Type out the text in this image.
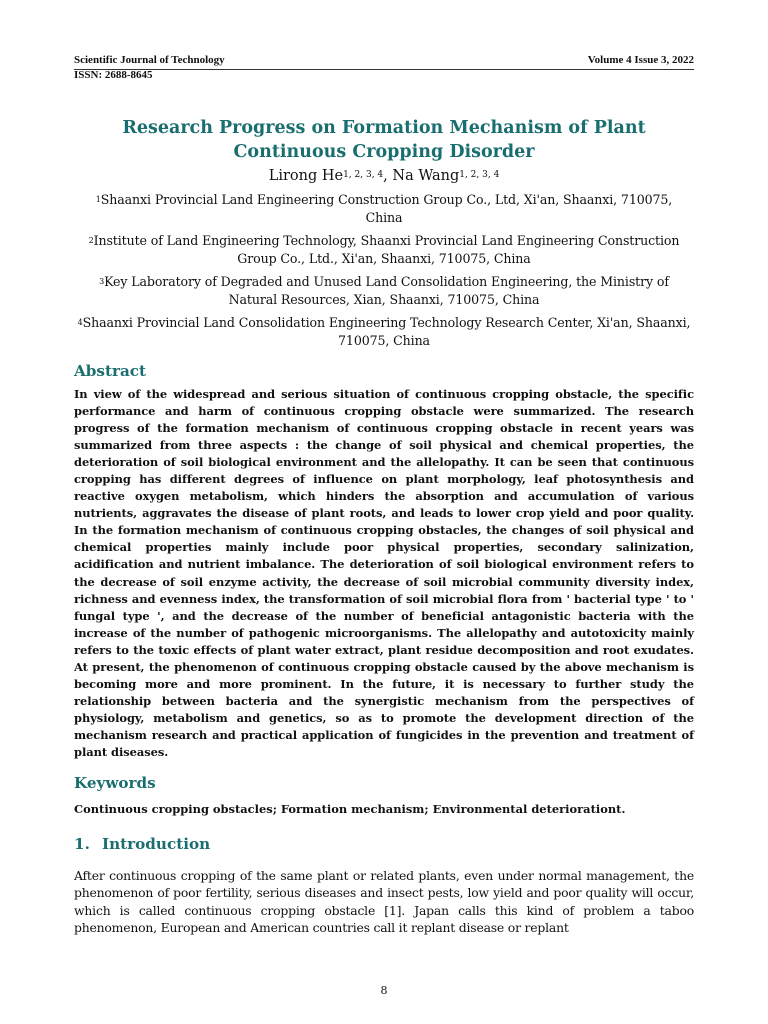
Scientific Journal of Technology	Volume 4 Issue 3, 2022
ISSN: 2688-8645
Research Progress on Formation Mechanism of Plant Continuous Cropping Disorder
Lirong He$^{1, 2, 3, 4}$, Na Wang$^{1, 2, 3, 4}$
$^1$Shaanxi Provincial Land Engineering Construction Group Co., Ltd, Xi'an, Shaanxi, 710075, China
$^2$Institute of Land Engineering Technology, Shaanxi Provincial Land Engineering Construction Group Co., Ltd., Xi'an, Shaanxi, 710075, China
$^3$Key Laboratory of Degraded and Unused Land Consolidation Engineering, the Ministry of Natural Resources, Xian, Shaanxi, 710075, China
$^4$Shaanxi Provincial Land Consolidation Engineering Technology Research Center, Xi'an, Shaanxi, 710075, China
Abstract

In view of the widespread and serious situation of continuous cropping obstacle, the specific performance and harm of continuous cropping obstacle were summarized. The research progress of the formation mechanism of continuous cropping obstacle in recent years was summarized from three aspects : the change of soil physical and chemical properties, the deterioration of soil biological environment and the allelopathy. It can be seen that continuous cropping has different degrees of influence on plant morphology, leaf photosynthesis and reactive oxygen metabolism, which hinders the absorption and accumulation of various nutrients, aggravates the disease of plant roots, and leads to lower crop yield and poor quality. In the formation mechanism of continuous cropping obstacles, the changes of soil physical and chemical properties mainly include poor physical properties, secondary salinization, acidification and nutrient imbalance. The deterioration of soil biological environment refers to the decrease of soil enzyme activity, the decrease of soil microbial community diversity index, richness and evenness index, the transformation of soil microbial flora from ' bacterial type ' to ' fungal type ', and the decrease of the number of beneficial antagonistic bacteria with the increase of the number of pathogenic microorganisms. The allelopathy and autotoxicity mainly refers to the toxic effects of plant water extract, plant residue decomposition and root exudates. At present, the phenomenon of continuous cropping obstacle caused by the above mechanism is becoming more and more prominent. In the future, it is necessary to further study the relationship between bacteria and the synergistic mechanism from the perspectives of physiology, metabolism and genetics, so as to promote the development direction of the mechanism research and practical application of fungicides in the prevention and treatment of plant diseases.

Keywords

Continuous cropping obstacles; Formation mechanism; Environmental deteriorationt.

1. Introduction

After continuous cropping of the same plant or related plants, even under normal management, the phenomenon of poor fertility, serious diseases and insect pests, low yield and poor quality will occur, which is called continuous cropping obstacle [1]. Japan calls this kind of problem a taboo phenomenon, European and American countries call it replant disease or replant

8
